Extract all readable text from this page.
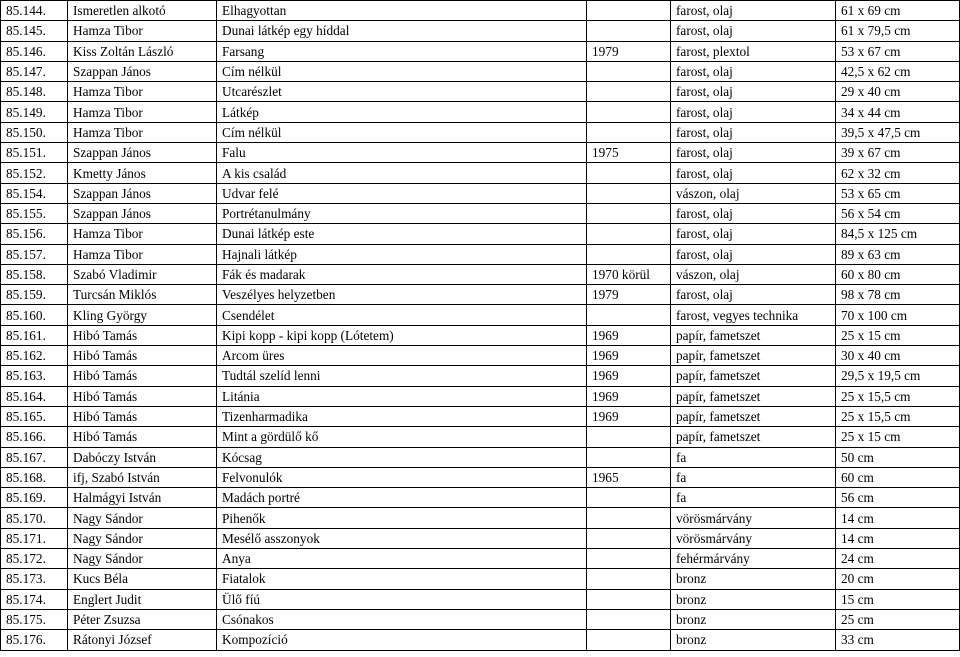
85.144.	Ismeretlen alkotó	Elhagyottan		farost, olaj	61 x 69 cm
85.145.	Hamza Tibor	Dunai látkép egy híddal		farost, olaj	61 x 79,5 cm
85.146.	Kiss Zoltán László	Farsang	1979	farost, plextol	53 x 67 cm
85.147.	Szappan János	Cím nélkül		farost, olaj	42,5 x 62 cm
85.148.	Hamza Tibor	Utcarészlet		farost, olaj	29 x 40 cm
85.149.	Hamza Tibor	Látkép		farost, olaj	34 x 44 cm
85.150.	Hamza Tibor	Cím nélkül		farost, olaj	39,5 x 47,5 cm
85.151.	Szappan János	Falu	1975	farost, olaj	39 x 67 cm
85.152.	Kmetty János	A kis család		farost, olaj	62 x 32 cm
85.154.	Szappan János	Udvar felé		vászon, olaj	53 x 65 cm
85.155.	Szappan János	Portrétanulmány		farost, olaj	56 x 54 cm
85.156.	Hamza Tibor	Dunai látkép este		farost, olaj	84,5 x 125 cm
85.157.	Hamza Tibor	Hajnali látkép		farost, olaj	89 x 63 cm
85.158.	Szabó Vladimir	Fák és madarak	1970 körül	vászon, olaj	60 x 80 cm
85.159.	Turcsán Miklós	Veszélyes helyzetben	1979	farost, olaj	98 x 78 cm
85.160.	Kling György	Csendélet		farost, vegyes technika	70 x 100 cm
85.161.	Hibó Tamás	Kipi kopp - kipi kopp (Lótetem)	1969	papír, fametszet	25 x 15 cm
85.162.	Hibó Tamás	Arcom üres	1969	papír, fametszet	30 x 40 cm
85.163.	Hibó Tamás	Tudtál szelíd lenni	1969	papír, fametszet	29,5 x 19,5 cm
85.164.	Hibó Tamás	Litánia	1969	papír, fametszet	25 x 15,5 cm
85.165.	Hibó Tamás	Tizenharmadika	1969	papír, fametszet	25 x 15,5 cm
85.166.	Hibó Tamás	Mint a gördülő kő		papír, fametszet	25 x 15 cm
85.167.	Dabóczy István	Kócsag		fa	50 cm
85.168.	ifj, Szabó István	Felvonulók	1965	fa	60 cm
85.169.	Halmágyi István	Madách portré		fa	56 cm
85.170.	Nagy Sándor	Pihenők		vörösmárvány	14 cm
85.171.	Nagy Sándor	Mesélő asszonyok		vörösmárvány	14 cm
85.172.	Nagy Sándor	Anya		fehérmárvány	24 cm
85.173.	Kucs Béla	Fiatalok		bronz	20 cm
85.174.	Englert Judit	Ülő fíú		bronz	15 cm
85.175.	Péter Zsuzsa	Csónakos		bronz	25 cm
85.176.	Rátonyi József	Kompozíció		bronz	33 cm
